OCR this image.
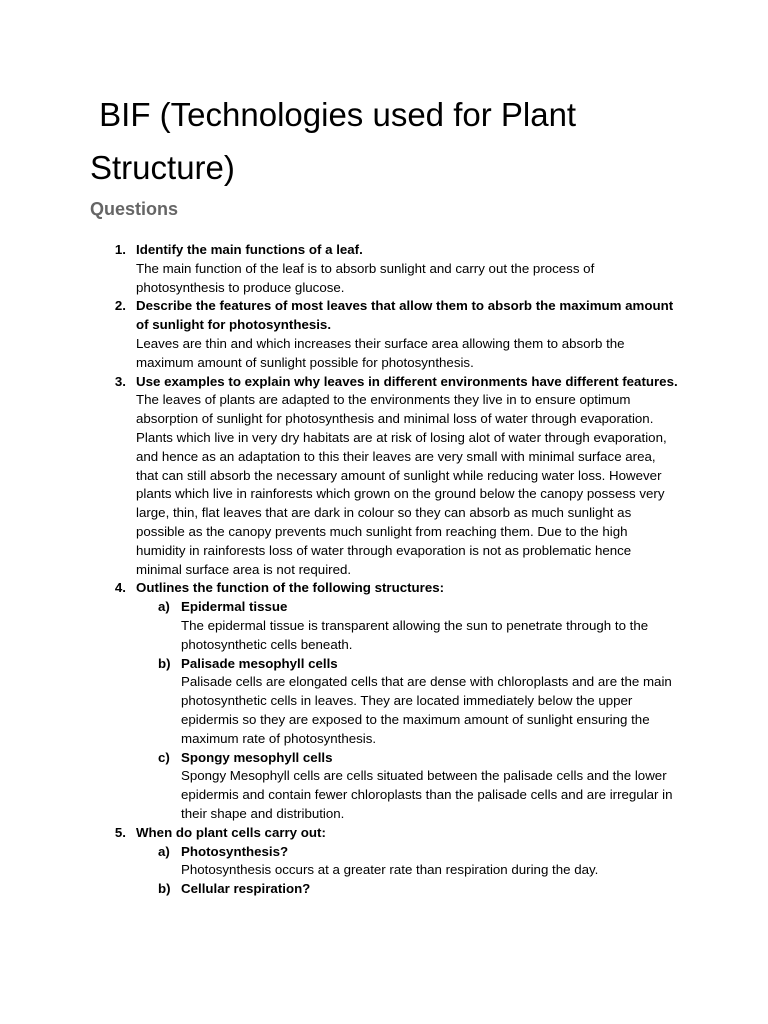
BIF (Technologies used for Plant Structure)
Questions
1. Identify the main functions of a leaf.

The main function of the leaf is to absorb sunlight and carry out the process of photosynthesis to produce glucose.

2. Describe the features of most leaves that allow them to absorb the maximum amount of sunlight for photosynthesis.

Leaves are thin and which increases their surface area allowing them to absorb the maximum amount of sunlight possible for photosynthesis.

3. Use examples to explain why leaves in different environments have different features.

The leaves of plants are adapted to the environments they live in to ensure optimum absorption of sunlight for photosynthesis and minimal loss of water through evaporation. Plants which live in very dry habitats are at risk of losing alot of water through evaporation, and hence as an adaptation to this their leaves are very small with minimal surface area, that can still absorb the necessary amount of sunlight while reducing water loss. However plants which live in rainforests which grown on the ground below the canopy possess very large, thin, flat leaves that are dark in colour so they can absorb as much sunlight as possible as the canopy prevents much sunlight from reaching them. Due to the high humidity in rainforests loss of water through evaporation is not as problematic hence minimal surface area is not required.

4. Outlines the function of the following structures:
a) Epidermal tissue

The epidermal tissue is transparent allowing the sun to penetrate through to the photosynthetic cells beneath.

b) Palisade mesophyll cells

Palisade cells are elongated cells that are dense with chloroplasts and are the main photosynthetic cells in leaves. They are located immediately below the upper epidermis so they are exposed to the maximum amount of sunlight ensuring the maximum rate of photosynthesis.

c) Spongy mesophyll cells

Spongy Mesophyll cells are cells situated between the palisade cells and the lower epidermis and contain fewer chloroplasts than the palisade cells and are irregular in their shape and distribution.

5. When do plant cells carry out:
a) Photosynthesis?

Photosynthesis occurs at a greater rate than respiration during the day.

b) Cellular respiration?
